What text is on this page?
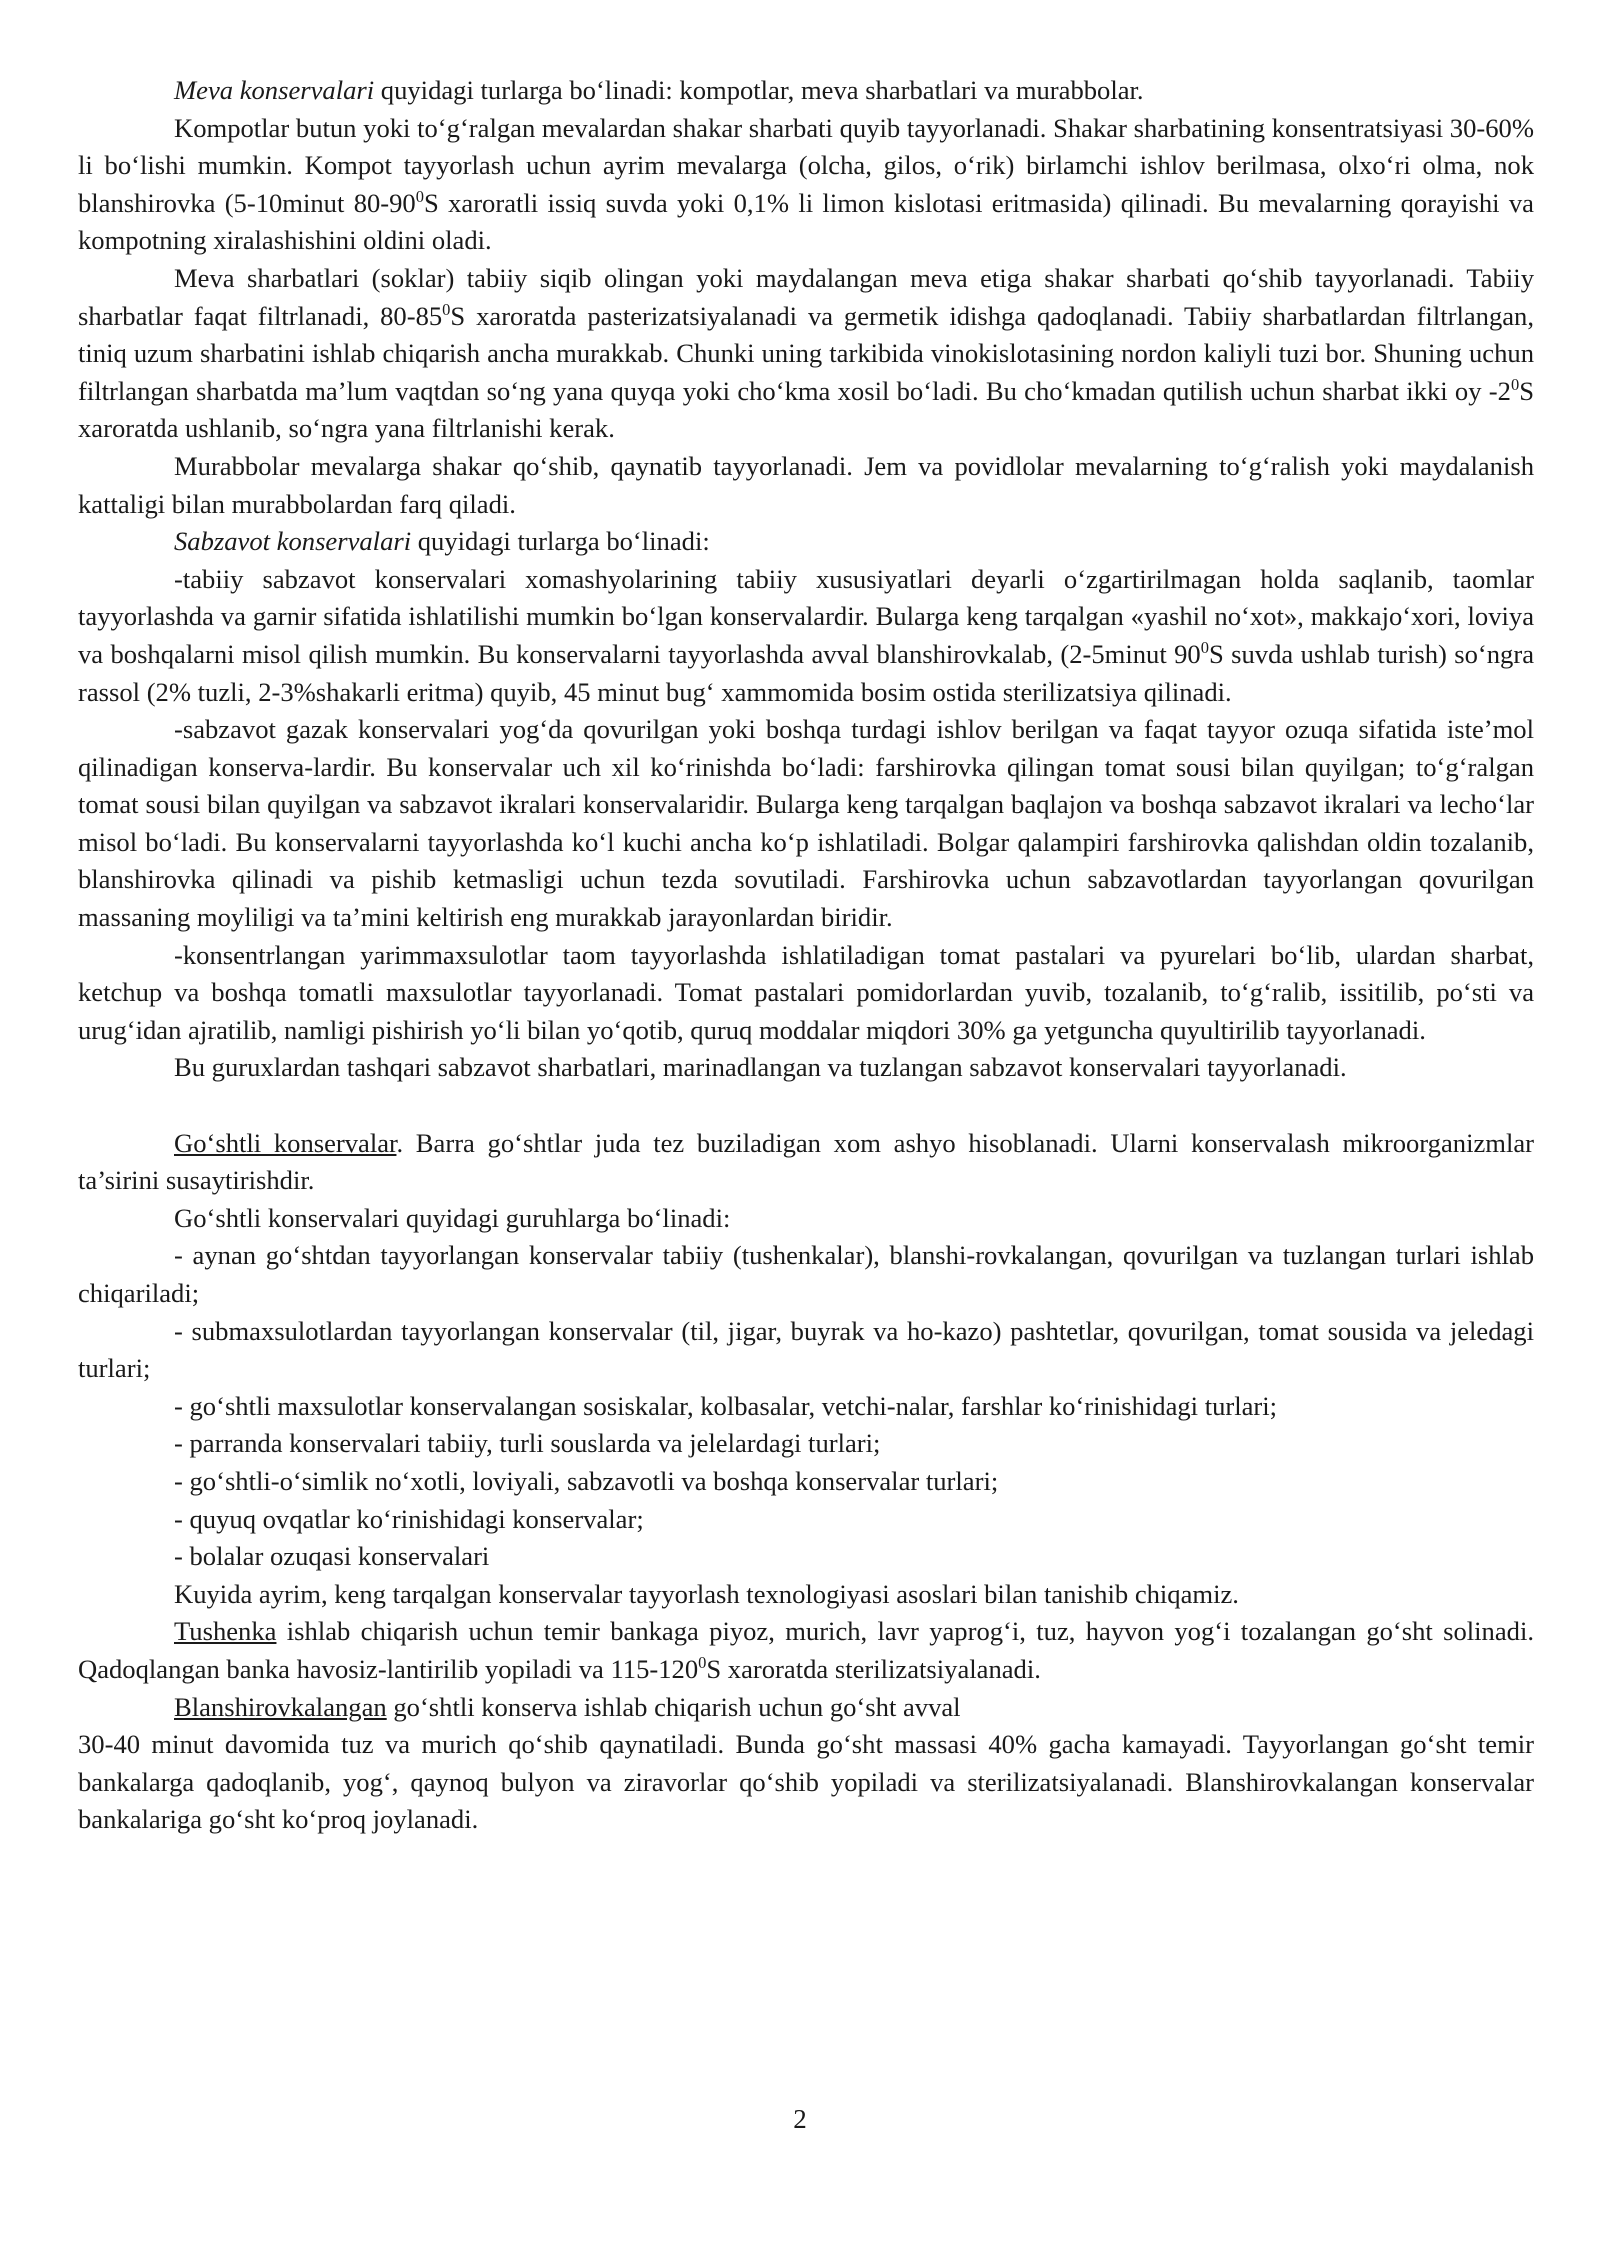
Meva konservalari quyidagi turlarga bo‘linadi: kompotlar, meva sharbatlari va murabbolar.

Kompotlar butun yoki to‘g‘ralgan mevalardan shakar sharbati quyib tayyorlanadi. Shakar sharbatining konsentratsiyasi 30-60% li bo‘lishi mumkin. Kompot tayyorlash uchun ayrim mevalarga (olcha, gilos, o‘rik) birlamchi ishlov berilmasa, olxo‘ri olma, nok blanshirovka (5-10minut $80-90^0S$ xaroratli issiq suvda yoki 0,1% li limon kislotasi eritmasida) qilinadi. Bu mevalarning qorayishi va kompotning xiralashishini oldini oladi.

Meva sharbatlari (soklar) tabiiy siqib olingan yoki maydalangan meva etiga shakar sharbati qo‘shib tayyorlanadi. Tabiiy sharbatlar faqat filtrlanadi, $80-85^0S$ xaroratda pasterizatsiyalanadi va germetik idishga qadoqlanadi. Tabiiy sharbatlardan filtrlangan, tiniq uzum sharbatini ishlab chiqarish ancha murakkab. Chunki uning tarkibida vinokislotasining nordon kaliyli tuzi bor. Shuning uchun filtrlangan sharbatda ma’lum vaqtdan so‘ng yana quyqa yoki cho‘kma xosil bo‘ladi. Bu cho‘kmadan qutilish uchun sharbat ikki oy $-2^0S$ xaroratda ushlanib, so‘ngra yana filtrlanishi kerak.

Murabbolar mevalarga shakar qo‘shib, qaynatib tayyorlanadi. Jem va povidlolar mevalarning to‘g‘ralish yoki maydalanish kattaligi bilan murabbolardan farq qiladi.

Sabzavot konservalari quyidagi turlarga bo‘linadi:

-tabiiy sabzavot konservalari xomashyolarining tabiiy xususiyatlari deyarli o‘zgartirilmagan holda saqlanib, taomlar tayyorlashda va garnir sifatida ishlatilishi mumkin bo‘lgan konservalardir. Bularga keng tarqalgan «yashil no‘xot», makkajo‘xori, loviya va boshqalarni misol qilish mumkin. Bu konservalarni tayyorlashda avval blanshirovkalab, (2-5minut $90^0S$ suvda ushlab turish) so‘ngra rassol (2% tuzli, 2-3%shakarli eritma) quyib, 45 minut bug‘ xammomida bosim ostida sterilizatsiya qilinadi.

-sabzavot gazak konservalari yog‘da qovurilgan yoki boshqa turdagi ishlov berilgan va faqat tayyor ozuqa sifatida iste’mol qilinadigan konserva-lardir. Bu konservalar uch xil ko‘rinishda bo‘ladi: farshirovka qilingan tomat sousi bilan quyilgan; to‘g‘ralgan tomat sousi bilan quyilgan va sabzavot ikralari konservalaridir. Bularga keng tarqalgan baqlajon va boshqa sabzavot ikralari va lecho‘lar misol bo‘ladi. Bu konservalarni tayyorlashda ko‘l kuchi ancha ko‘p ishlatiladi. Bolgar qalampiri farshirovka qalishdan oldin tozalanib, blanshirovka qilinadi va pishib ketmasligi uchun tezda sovutiladi. Farshirovka uchun sabzavotlardan tayyorlangan qovurilgan massaning moyliligi va ta’mini keltirish eng murakkab jarayonlardan biridir.

-konsentrlangan yarimmaxsulotlar taom tayyorlashda ishlatiladigan tomat pastalari va pyurelari bo‘lib, ulardan sharbat, ketchup va boshqa tomatli maxsulotlar tayyorlanadi. Tomat pastalari pomidorlardan yuvib, tozalanib, to‘g‘ralib, issitilib, po‘sti va urug‘idan ajratilib, namligi pishirish yo‘li bilan yo‘qotib, quruq moddalar miqdori 30% ga yetguncha quyultirilib tayyorlanadi.

Bu guruxlardan tashqari sabzavot sharbatlari, marinadlangan va tuzlangan sabzavot konservalari tayyorlanadi.

Go‘shtli konservalar. Barra go‘shtlar juda tez buziladigan xom ashyo hisoblanadi. Ularni konservalash mikroorganizmlar ta’sirini susaytirishdir.

Go‘shtli konservalari quyidagi guruhlarga bo‘linadi:

- aynan go‘shtdan tayyorlangan konservalar tabiiy (tushenkalar), blanshi-rovkalangan, qovurilgan va tuzlangan turlari ishlab chiqariladi;

- submaxsulotlardan tayyorlangan konservalar (til, jigar, buyrak va ho-kazo) pashtetlar, qovurilgan, tomat sousida va jeledagi turlari;

- go‘shtli maxsulotlar konservalangan sosiskalar, kolbasalar, vetchi-nalar, farshlar ko‘rinishidagi turlari;

- parranda konservalari tabiiy, turli souslarda va jelelardagi turlari;

- go‘shtli-o‘simlik no‘xotli, loviyali, sabzavotli va boshqa konservalar turlari;

- quyuq ovqatlar ko‘rinishidagi konservalar;

- bolalar ozuqasi konservalari

Kuyida ayrim, keng tarqalgan konservalar tayyorlash texnologiyasi asoslari bilan tanishib chiqamiz.

Tushenka ishlab chiqarish uchun temir bankaga piyoz, murich, lavr yaprog‘i, tuz, hayvon yog‘i tozalangan go‘sht solinadi. Qadoqlangan banka havosiz-lantirilib yopiladi va $115-120^0S$ xaroratda sterilizatsiyalanadi.

Blanshirovkalangan go‘shtli konserva ishlab chiqarish uchun go‘sht avval

30-40 minut davomida tuz va murich qo‘shib qaynatiladi. Bunda go‘sht massasi 40% gacha kamayadi. Tayyorlangan go‘sht temir bankalarga qadoqlanib, yog‘, qaynoq bulyon va ziravorlar qo‘shib yopiladi va sterilizatsiyalanadi. Blanshirovkalangan konservalar bankalariga go‘sht ko‘proq joylanadi.

2
